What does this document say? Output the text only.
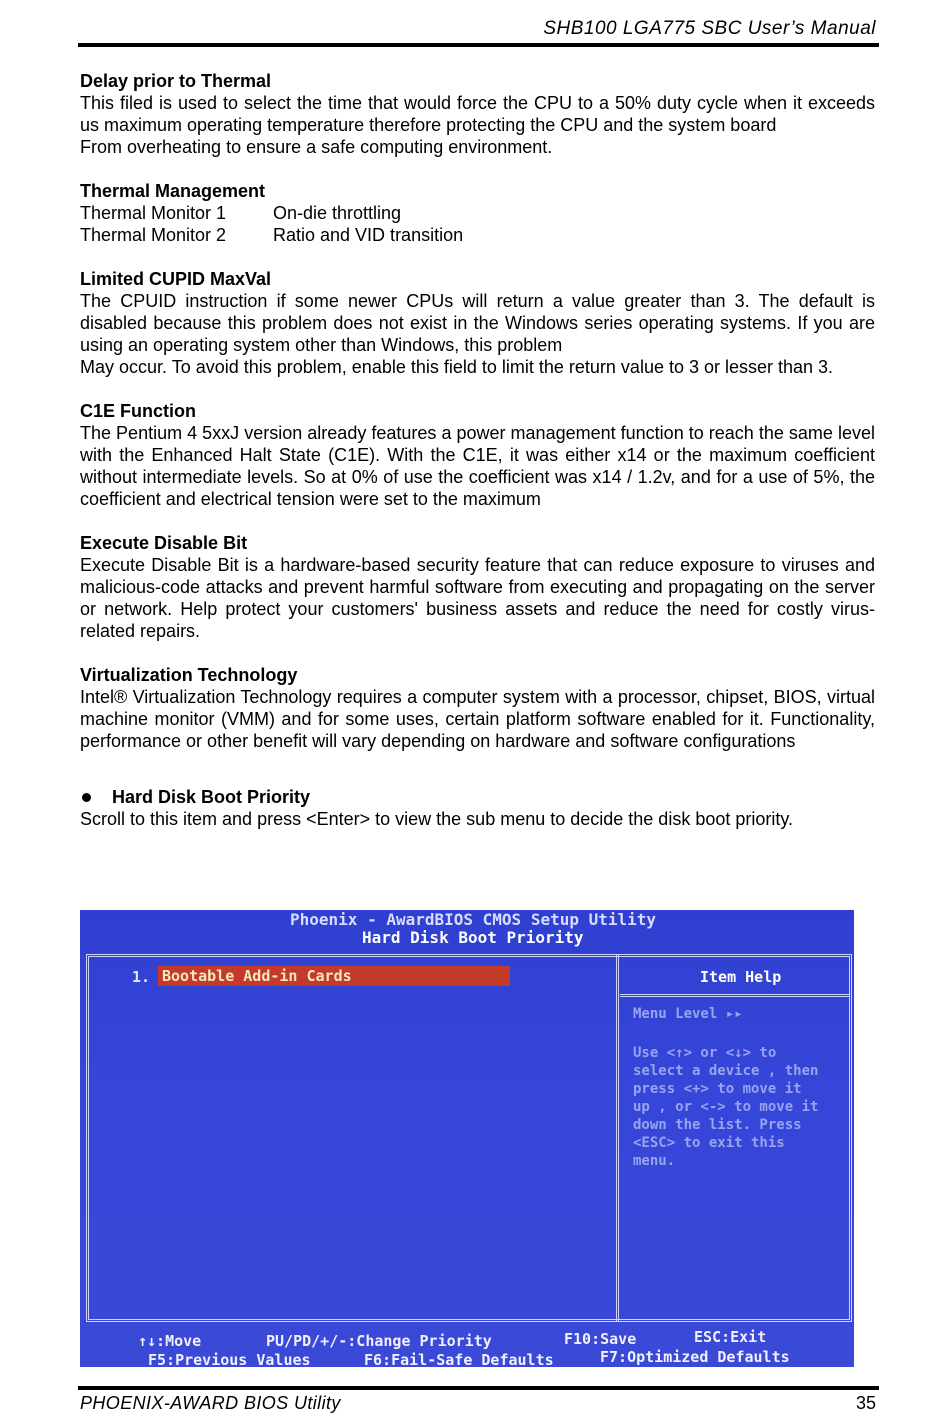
SHB100 LGA775 SBC User’s Manual
Delay prior to Thermal

This filed is used to select the time that would force the CPU to a 50% duty cycle when it exceeds us maximum operating temperature therefore protecting the CPU and the system board

From overheating to ensure a safe computing environment.

Thermal Management
Thermal Monitor 1	On-die throttling
Thermal Monitor 2	Ratio and VID transition
Limited CUPID MaxVal

The CPUID instruction if some newer CPUs will return a value greater than 3. The default is disabled because this problem does not exist in the Windows series operating systems. If you are using an operating system other than Windows, this problem

May occur. To avoid this problem, enable this field to limit the return value to 3 or lesser than 3.

C1E Function

The Pentium 4 5xxJ version already features a power management function to reach the same level with the Enhanced Halt State (C1E). With the C1E, it was either x14 or the maximum coefficient without intermediate levels. So at 0% of use the coefficient was x14 / 1.2v, and for a use of 5%, the coefficient and electrical tension were set to the maximum

Execute Disable Bit

Execute Disable Bit is a hardware-based security feature that can reduce exposure to viruses and malicious-code attacks and prevent harmful software from executing and propagating on the server or network. Help protect your customers' business assets and reduce the need for costly virus-related repairs.

Virtualization Technology

Intel® Virtualization Technology requires a computer system with a processor, chipset, BIOS, virtual machine monitor (VMM) and for some uses, certain platform software enabled for it. Functionality, performance or other benefit will vary depending on hardware and software configurations

Hard Disk Boot Priority

Scroll to this item and press <Enter> to view the sub menu to decide the disk boot priority.

Phoenix - AwardBIOS CMOS Setup Utility
Hard Disk Boot Priority
1. Bootable Add-in Cards	Item Help
Menu Level ▸▸
Use <↑> or <↓> to
select a device , then
press <+> to move it
up , or <-> to move it
down the list. Press
<ESC> to exit this
menu.
↑↓:Move	PU/PD/+/-:Change Priority	F10:Save	ESC:Exit
F5:Previous Values	F6:Fail-Safe Defaults	F7:Optimized Defaults
PHOENIX-AWARD BIOS Utility	35
